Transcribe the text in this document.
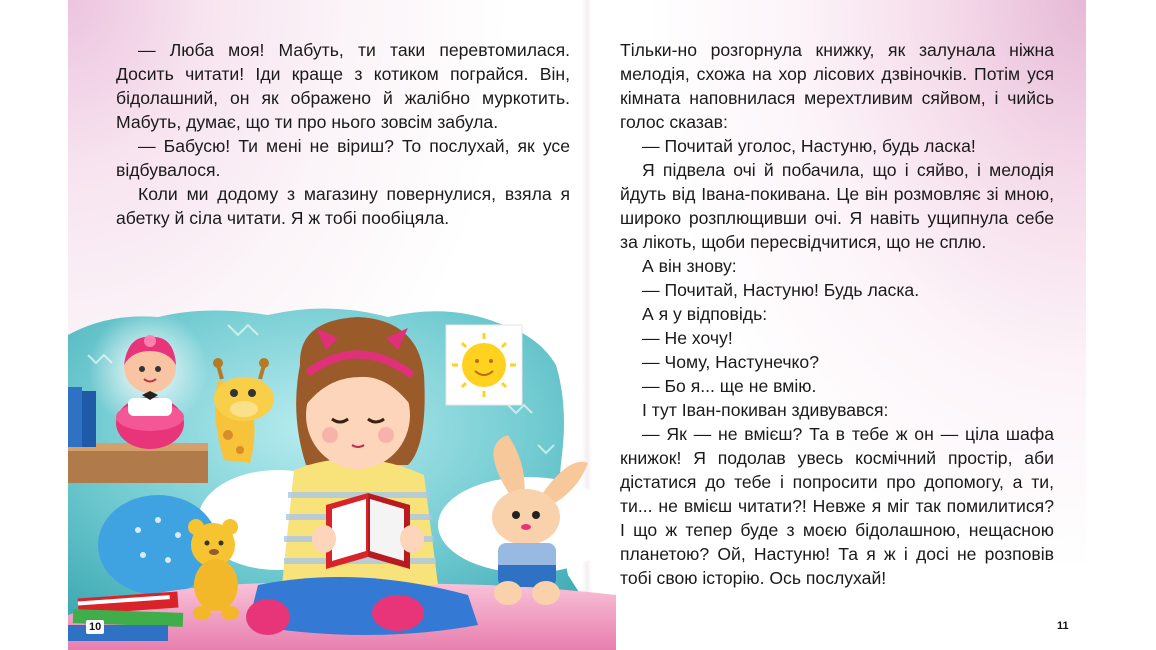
— Люба моя! Мабуть, ти таки перевтомилася. Досить читати! Іди краще з котиком пограйся. Він, бідолашний, он як ображено й жалібно муркотить. Мабуть, думає, що ти про нього зовсім забула.

— Бабусю! Ти мені не віриш? То послухай, як усе відбувалося.

Коли ми додому з магазину повернулися, взяла я абетку й сіла читати. Я ж тобі пообіцяла.

Тільки-но розгорнула книжку, як залунала ніжна мелодія, схожа на хор лісових дзвіночків. Потім уся кімната наповнилася мерехтливим сяйвом, і чийсь голос сказав:

— Почитай уголос, Настуню, будь ласка!

Я підвела очі й побачила, що і сяйво, і мелодія йдуть від Івана-покивана. Це він розмовляє зі мною, широко розплющивши очі. Я навіть ущипнула себе за лікоть, щоби пересвідчитися, що не сплю.

А він знову:

— Почитай, Настуню! Будь ласка.

А я у відповідь:

— Не хочу!

— Чому, Настунечко?

— Бо я... ще не вмію.

І тут Іван-покиван здивувався:

— Як — не вмієш? Та в тебе ж он — ціла шафа книжок! Я подолав увесь космічний простір, аби дістатися до тебе і попросити про допомогу, а ти, ти... не вмієш читати?! Невже я міг так помилитися? І що ж тепер буде з моєю бідолашною, нещасною планетою? Ой, Настуню! Та я ж і досі не розповів тобі свою історію. Ось послухай!

10	11
